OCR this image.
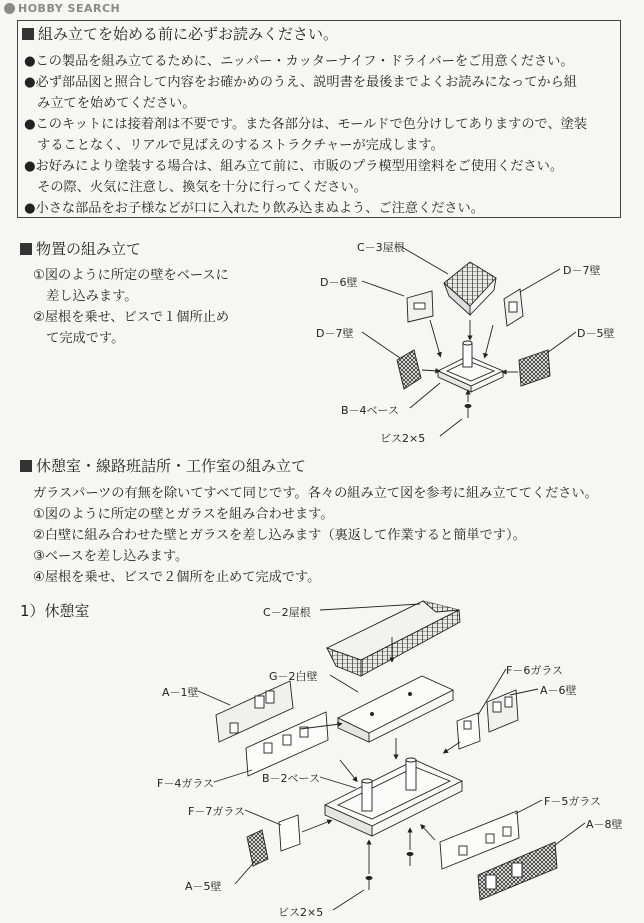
HOBBY SEARCH
組み立てを始める前に必ずお読みください。
●この製品を組み立てるために、ニッパー・カッターナイフ・ドライバーをご用意ください。
●必ず部品図と照合して内容をお確かめのうえ、説明書を最後までよくお読みになってから組
　み立てを始めてください。
●このキットには接着剤は不要です。また各部分は、モールドで色分けしてありますので、塗装
　することなく、リアルで見ばえのするストラクチャーが完成します。
●お好みにより塗装する場合は、組み立て前に、市販のプラ模型用塗料をご使用ください。
　その際、火気に注意し、換気を十分に行ってください。
●小さな部品をお子様などが口に入れたり飲み込まぬよう、ご注意ください。
物置の組み立て
①図のように所定の壁をベースに
　差し込みます。
②屋根を乗せ、ビスで１個所止め
　て完成です。
休憩室・線路班詰所・工作室の組み立て
ガラスパーツの有無を除いてすべて同じです。各々の組み立て図を参考に組み立ててください。
①図のように所定の壁とガラスを組み合わせます。
②白壁に組み合わせた壁とガラスを差し込みます（裏返して作業すると簡単です）。
③ベースを差し込みます。
④屋根を乗せ、ビスで２個所を止めて完成です。
1）休憩室
C－3屋根
D－6壁
D－7壁
D－7壁	D－5壁
B－4ベース
ビス2×5
C－2屋根
G－2白壁
A－1壁
F－6ガラス
A－6壁
F－4ガラス	B－2ベース
F－7ガラス
F－5ガラス
A－8壁
A－5壁
ビス2×5
